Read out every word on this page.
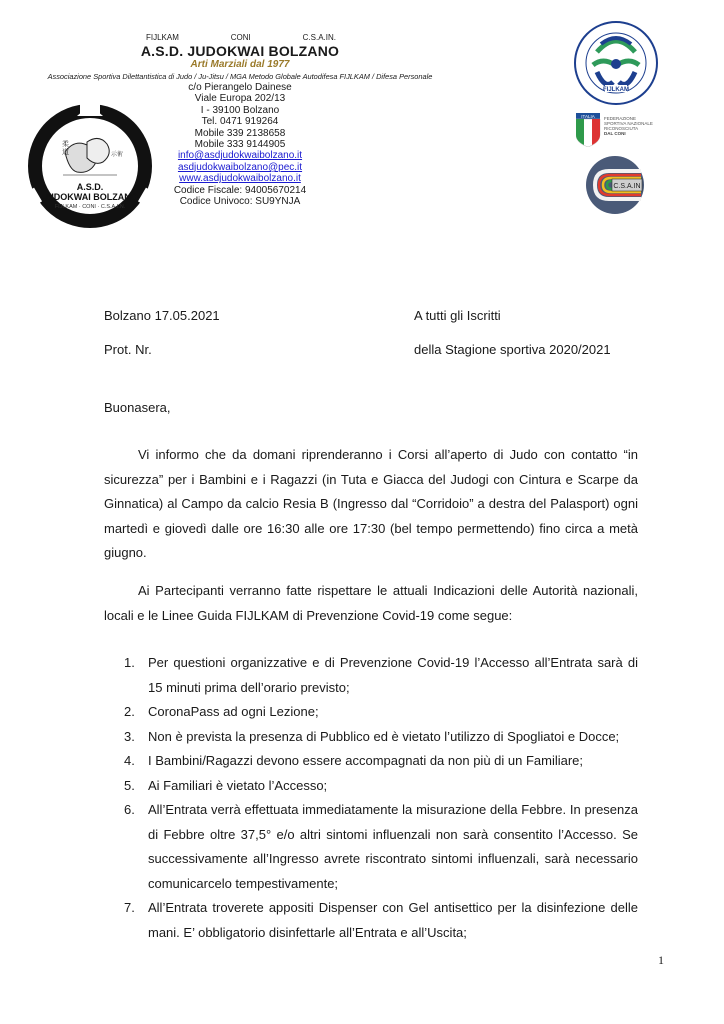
FIJLKAM	CONI	C.S.A.IN.
A.S.D. JUDOKWAI BOLZANO
Arti Marziali dal 1977
Associazione Sportiva Dilettantistica di Judo / Ju-Jitsu / MGA Metodo Globale Autodifesa FIJLKAM / Difesa Personale
c/o Pierangelo Dainese
Viale Europa 202/13
I - 39100 Bolzano
Tel. 0471 919264
Mobile 339 2138658
Mobile 333 9144905
info@asdjudokwaibolzano.it
asdjudokwaibolzano@pec.it
www.asdjudokwaibolzano.it
Codice Fiscale: 94005670214
Codice Univoco: SU9YNJA
柔
道	示術
A.S.D.
JUDOKWAI BOLZANO
FIJLKAM · CONI · C.S.A.I.N.
FIJLKAM
ITALIA FEDERAZIONE
SPORTIVA NAZIONALE
RICONOSCIUTA
DAL CONI
C.S.A.IN
Bolzano 17.05.2021	A tutti gli Iscritti
Prot. Nr.	della Stagione sportiva 2020/2021
Buonasera,
Vi informo che da domani riprenderanno i Corsi all’aperto di Judo con contatto “in sicurezza” per i Bambini e i Ragazzi (in Tuta e Giacca del Judogi con Cintura e Scarpe da Ginnatica) al Campo da calcio Resia B (Ingresso dal “Corridoio” a destra del Palasport) ogni martedì e giovedì dalle ore 16:30 alle ore 17:30 (bel tempo permettendo) fino circa a metà giugno.
Ai Partecipanti verranno fatte rispettare le attuali Indicazioni delle Autorità nazionali, locali e le Linee Guida FIJLKAM di Prevenzione Covid-19 come segue:
1. Per questioni organizzative e di Prevenzione Covid-19 l’Accesso all’Entrata sarà di 15 minuti prima dell’orario previsto;
2. CoronaPass ad ogni Lezione;
3. Non è prevista la presenza di Pubblico ed è vietato l’utilizzo di Spogliatoi e Docce;
4. I Bambini/Ragazzi devono essere accompagnati da non più di un Familiare;
5. Ai Familiari è vietato l’Accesso;
6. All’Entrata verrà effettuata immediatamente la misurazione della Febbre. In presenza di Febbre oltre 37,5° e/o altri sintomi influenzali non sarà consentito l’Accesso. Se successivamente all’Ingresso avrete riscontrato sintomi influenzali, sarà necessario comunicarcelo tempestivamente;
7. All’Entrata troverete appositi Dispenser con Gel antisettico per la disinfezione delle mani. E’ obbligatorio disinfettarle all’Entrata e all’Uscita;
1
